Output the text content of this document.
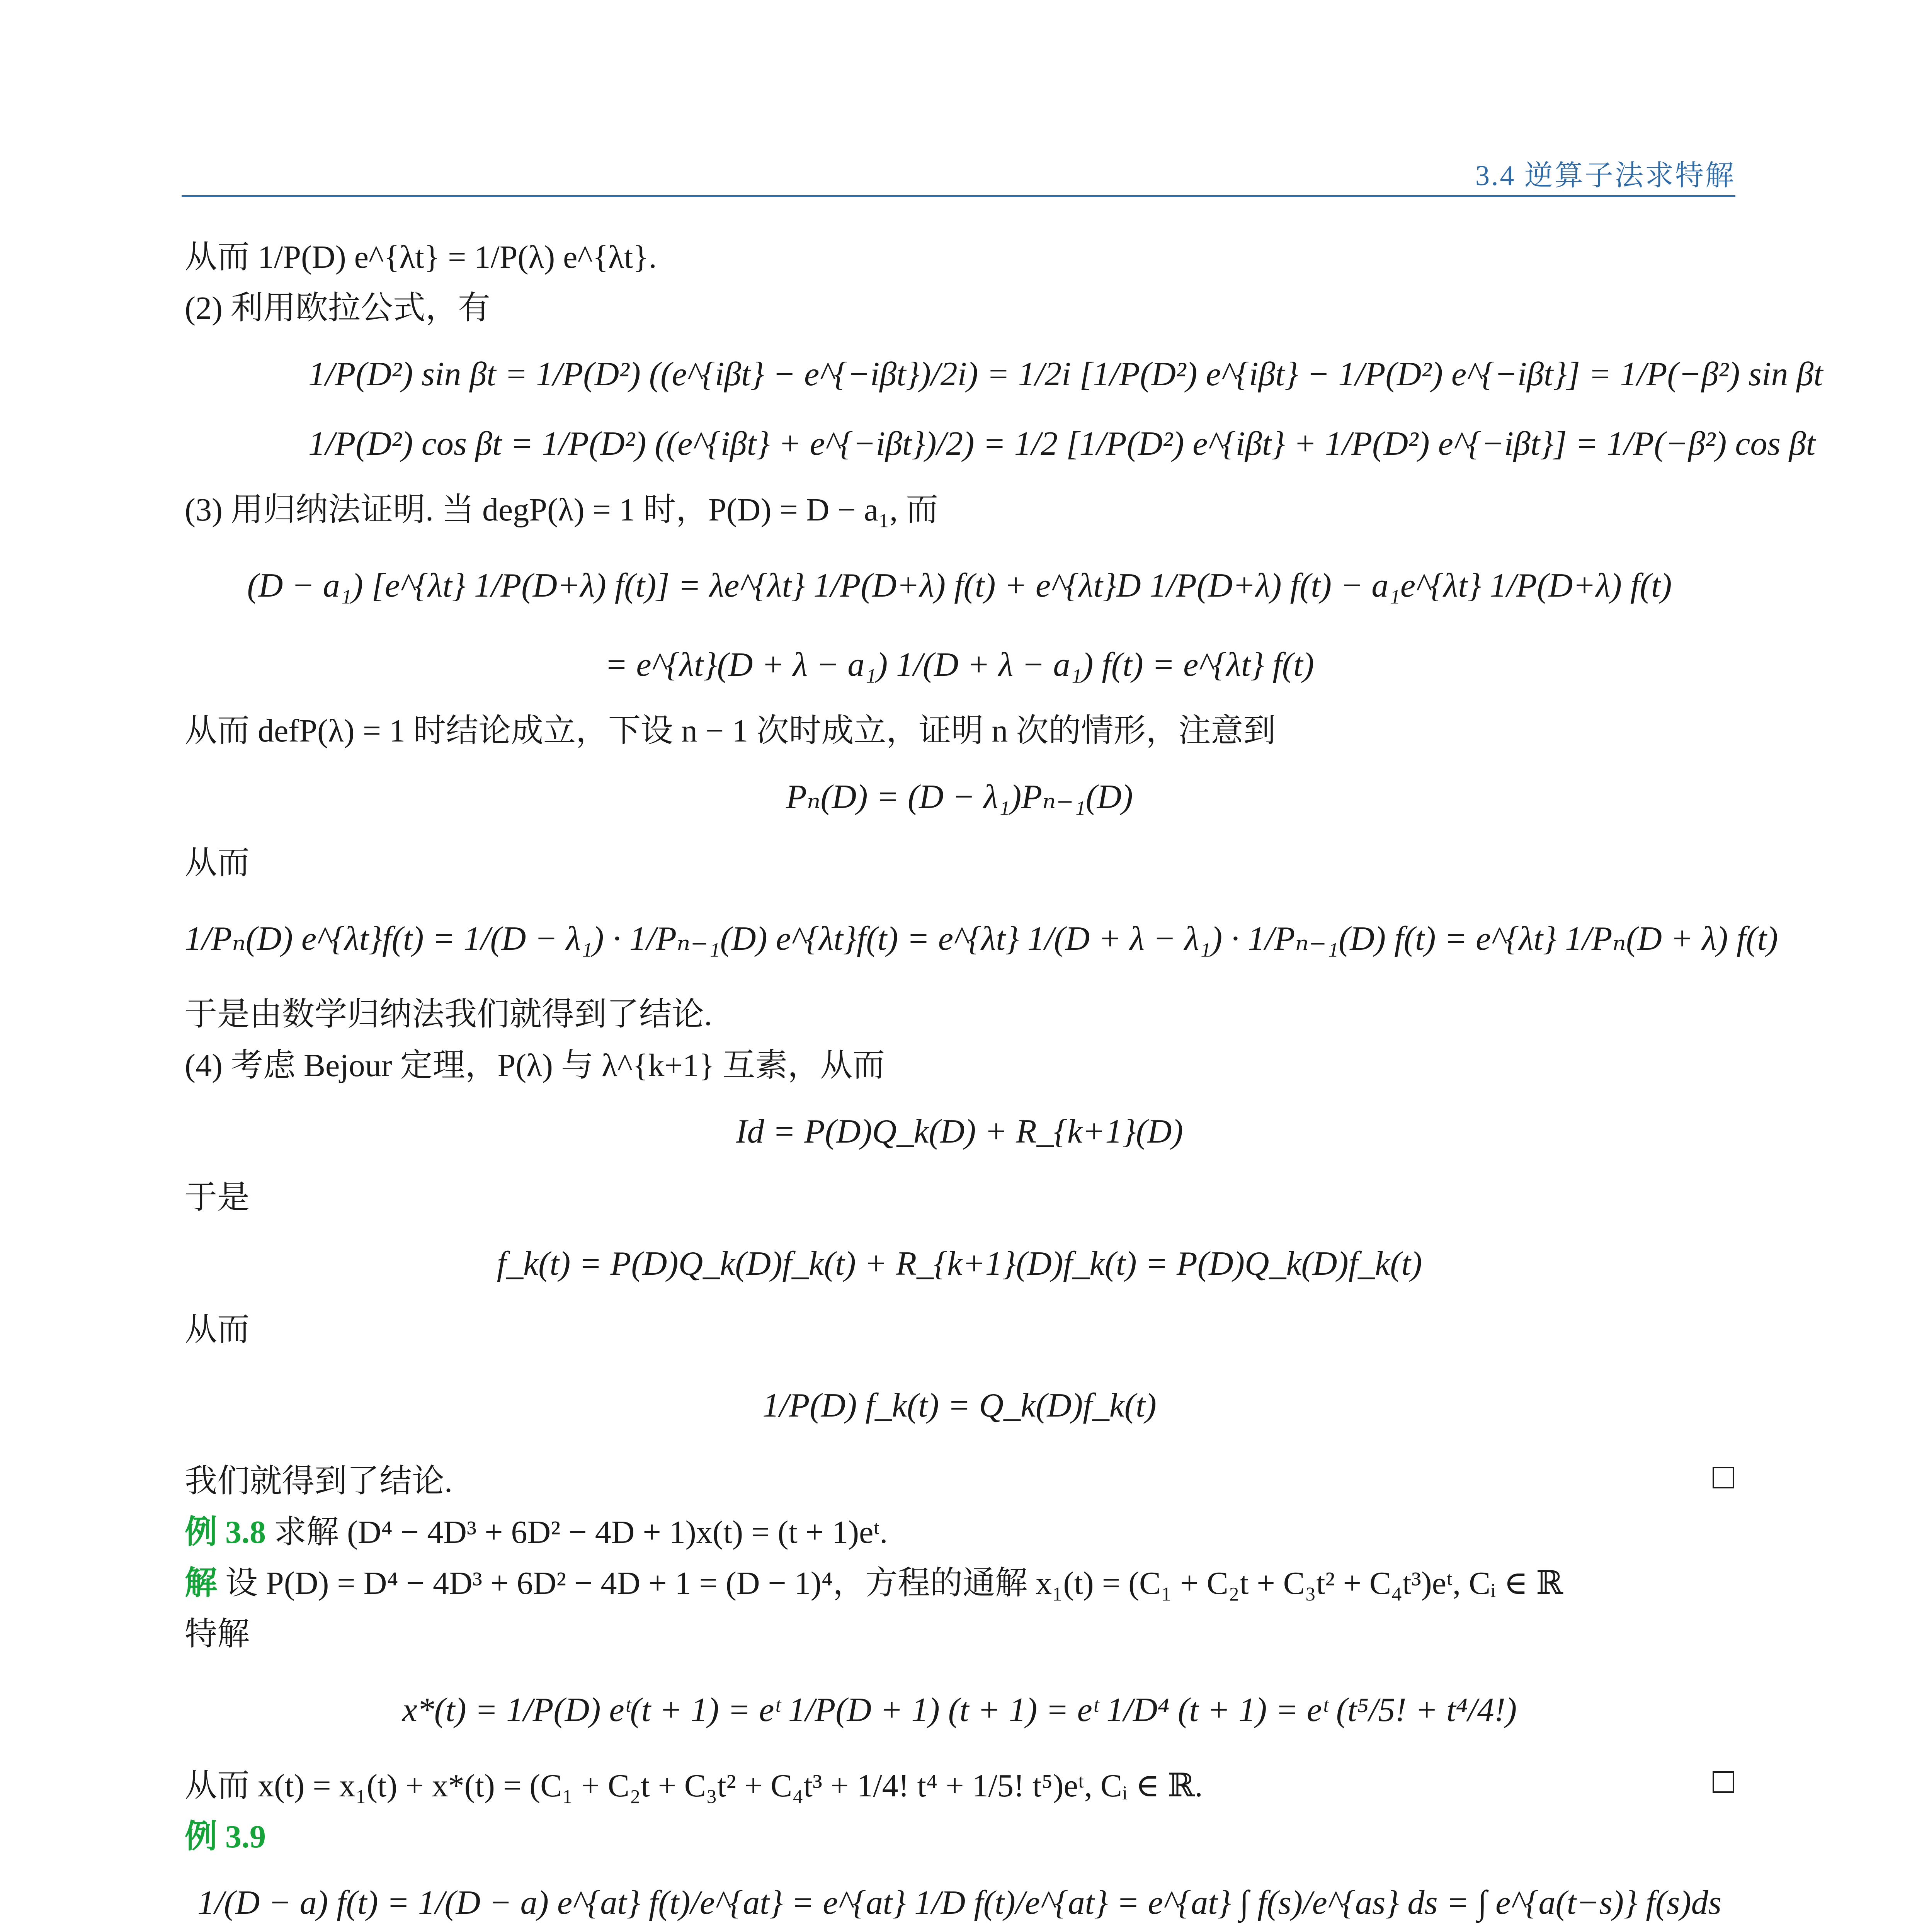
3.4 逆算子法求特解

从而 1/P(D) e^{λt} = 1/P(λ) e^{λt}.

(2) 利用欧拉公式，有

1/P(D²) sin βt = 1/P(D²) ((e^{iβt} − e^{−iβt})/2i) = 1/2i [1/P(D²) e^{iβt} − 1/P(D²) e^{−iβt}] = 1/P(−β²) sin βt
1/P(D²) cos βt = 1/P(D²) ((e^{iβt} + e^{−iβt})/2) = 1/2 [1/P(D²) e^{iβt} + 1/P(D²) e^{−iβt}] = 1/P(−β²) cos βt

(3) 用归纳法证明. 当 degP(λ) = 1 时，P(D) = D − a₁, 而

(D − a₁) [e^{λt} 1/P(D+λ) f(t)] = λe^{λt} 1/P(D+λ) f(t) + e^{λt}D 1/P(D+λ) f(t) − a₁e^{λt} 1/P(D+λ) f(t)
= e^{λt}(D + λ − a₁) 1/(D + λ − a₁) f(t) = e^{λt} f(t)

从而 defP(λ) = 1 时结论成立，下设 n − 1 次时成立，证明 n 次的情形，注意到

Pₙ(D) = (D − λ₁)Pₙ₋₁(D)

从而

1/Pₙ(D) e^{λt}f(t) = 1/(D − λ₁) · 1/Pₙ₋₁(D) e^{λt}f(t) = e^{λt} 1/(D + λ − λ₁) · 1/Pₙ₋₁(D) f(t) = e^{λt} 1/Pₙ(D + λ) f(t)

于是由数学归纳法我们就得到了结论.

(4) 考虑 Bejour 定理，P(λ) 与 λ^{k+1} 互素，从而

Id = P(D)Q_k(D) + R_{k+1}(D)

于是

f_k(t) = P(D)Q_k(D)f_k(t) + R_{k+1}(D)f_k(t) = P(D)Q_k(D)f_k(t)

从而

1/P(D) f_k(t) = Q_k(D)f_k(t)

我们就得到了结论.

例 3.8 求解 (D⁴ − 4D³ + 6D² − 4D + 1)x(t) = (t + 1)eᵗ.

解 设 P(D) = D⁴ − 4D³ + 6D² − 4D + 1 = (D − 1)⁴，方程的通解 x₁(t) = (C₁ + C₂t + C₃t² + C₄t³)eᵗ, Cᵢ ∈ ℝ

特解

x*(t) = 1/P(D) eᵗ(t + 1) = eᵗ 1/P(D + 1) (t + 1) = eᵗ 1/D⁴ (t + 1) = eᵗ (t⁵/5! + t⁴/4!)

从而 x(t) = x₁(t) + x*(t) = (C₁ + C₂t + C₃t² + C₄t³ + 1/4! t⁴ + 1/5! t⁵)eᵗ, Cᵢ ∈ ℝ.

例 3.9

1/(D − a) f(t) = 1/(D − a) e^{at} f(t)/e^{at} = e^{at} 1/D f(t)/e^{at} = e^{at} ∫ f(s)/e^{as} ds = ∫ e^{a(t−s)} f(s)ds
